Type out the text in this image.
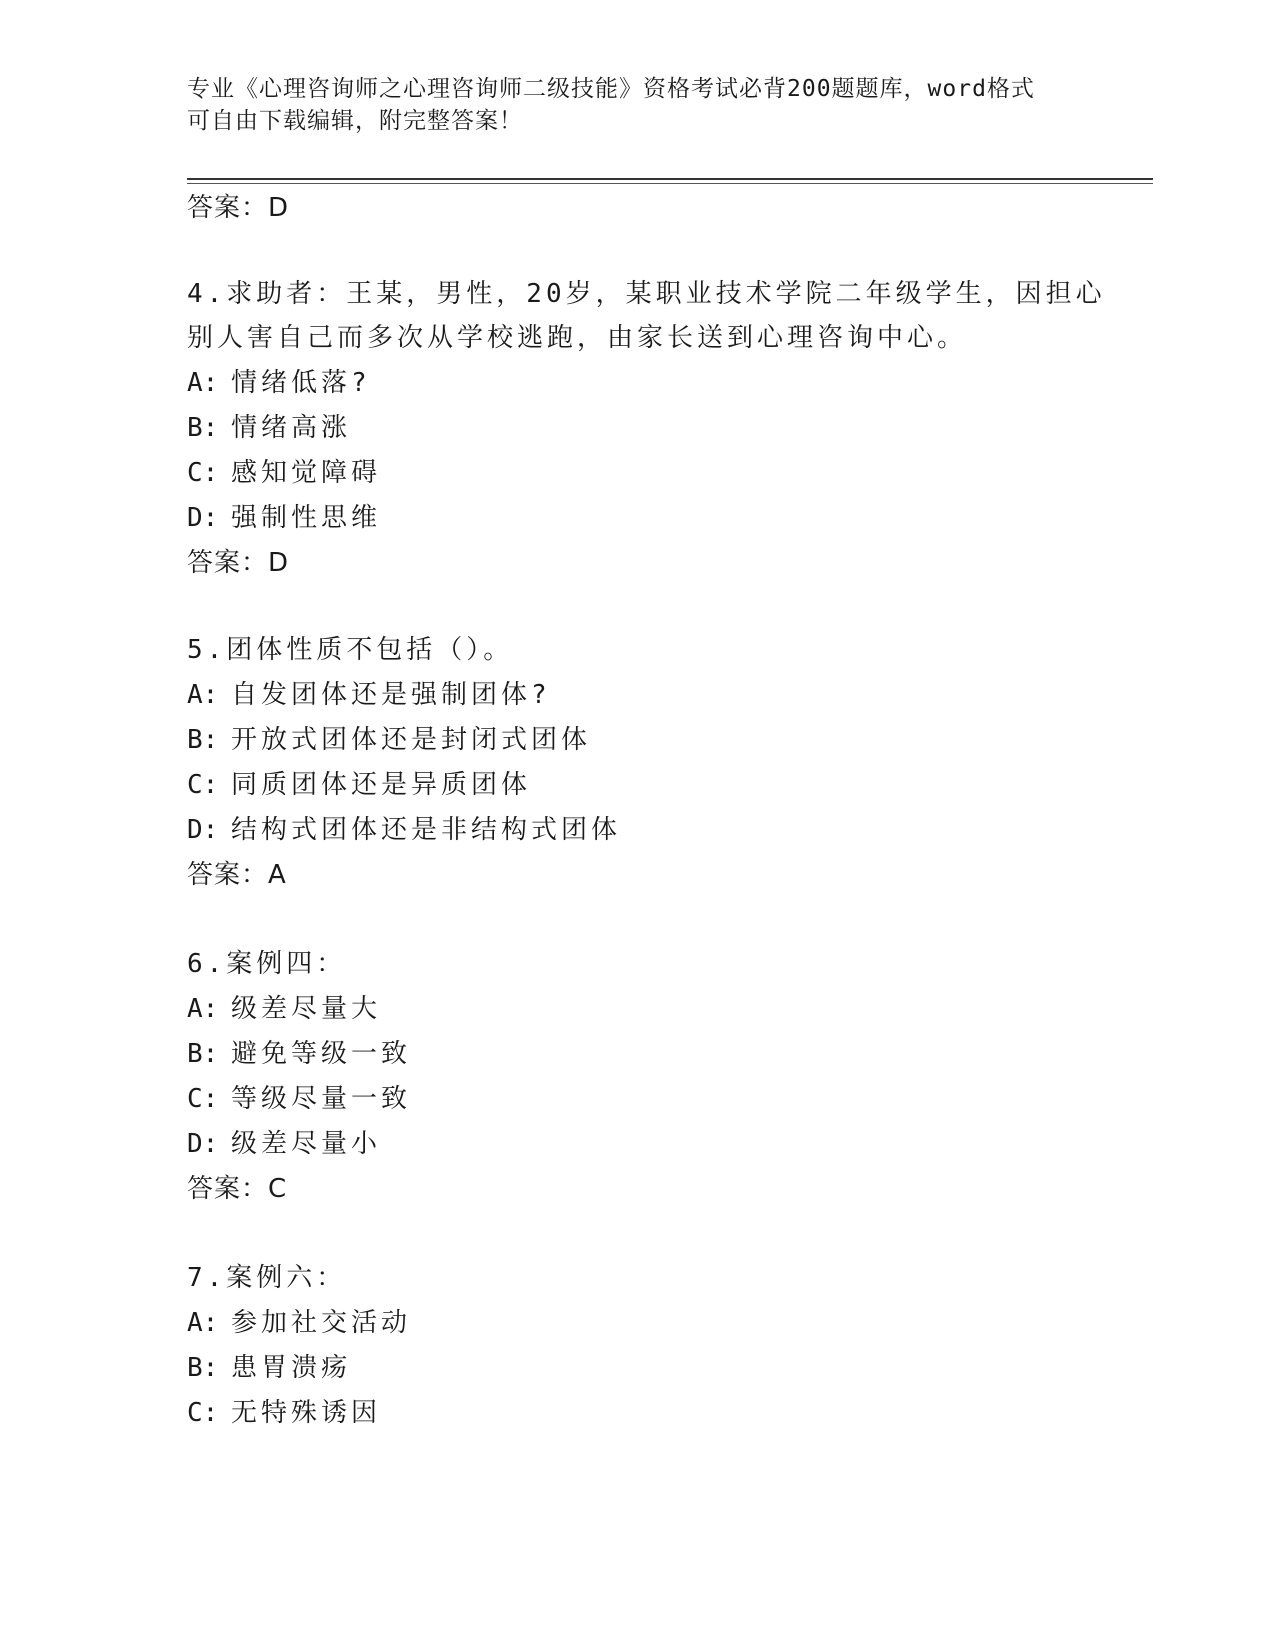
专业《心理咨询师之心理咨询师二级技能》资格考试必背200题题库，word格式
可自由下载编辑，附完整答案！
答案：D
4.求助者：王某，男性，20岁，某职业技术学院二年级学生，因担心
别人害自己而多次从学校逃跑，由家长送到心理咨询中心。
A: 情绪低落?
B: 情绪高涨
C: 感知觉障碍
D: 强制性思维
答案：D
5.团体性质不包括（）。
A: 自发团体还是强制团体?
B: 开放式团体还是封闭式团体
C: 同质团体还是异质团体
D: 结构式团体还是非结构式团体
答案：A
6.案例四：
A: 级差尽量大
B: 避免等级一致
C: 等级尽量一致
D: 级差尽量小
答案：C
7.案例六：
A: 参加社交活动
B: 患胃溃疡
C: 无特殊诱因
